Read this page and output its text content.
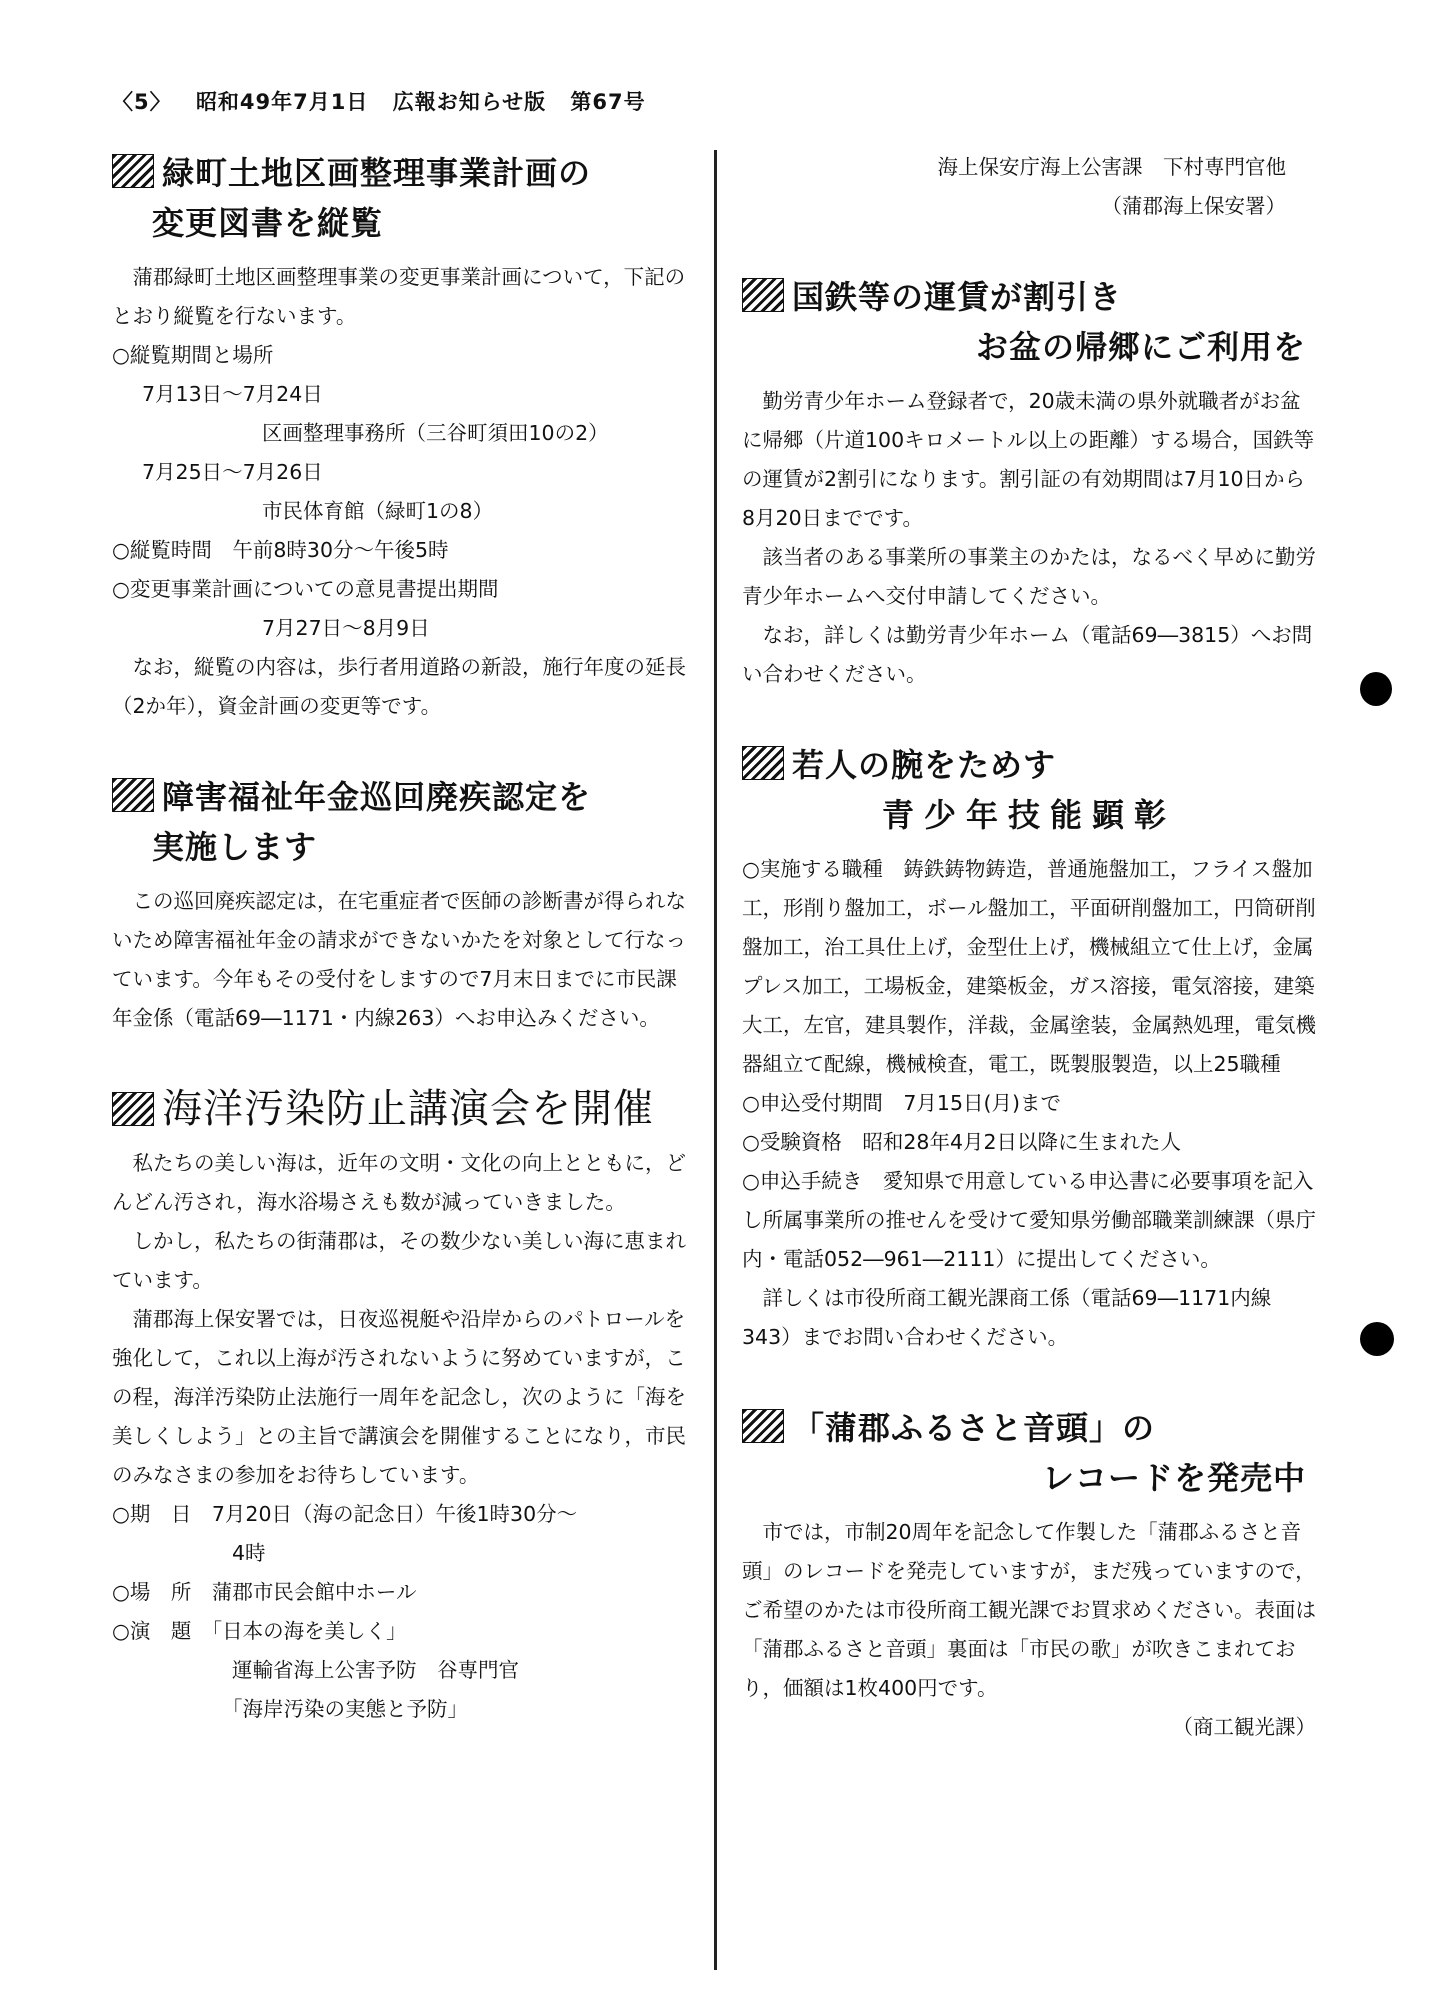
〈5〉 昭和49年7月1日 広報お知らせ版 第67号
緑町土地区画整理事業計画の
変更図書を縦覧

蒲郡緑町土地区画整理事業の変更事業計画について，下記のとおり縦覧を行ないます。

○縦覧期間と場所

7月13日～7月24日

区画整理事務所（三谷町須田10の2）

7月25日～7月26日

市民体育館（緑町1の8）

○縦覧時間　午前8時30分～午後5時

○変更事業計画についての意見書提出期間

7月27日～8月9日

なお，縦覧の内容は，歩行者用道路の新設，施行年度の延長（2か年），資金計画の変更等です。

障害福祉年金巡回廃疾認定を
実施します

この巡回廃疾認定は，在宅重症者で医師の診断書が得られないため障害福祉年金の請求ができないかたを対象として行なっています。今年もその受付をしますので7月末日までに市民課年金係（電話69―1171・内線263）へお申込みください。

海洋汚染防止講演会を開催

私たちの美しい海は，近年の文明・文化の向上とともに，どんどん汚され，海水浴場さえも数が減っていきました。

しかし，私たちの街蒲郡は，その数少ない美しい海に恵まれています。

蒲郡海上保安署では，日夜巡視艇や沿岸からのパトロールを強化して，これ以上海が汚されないように努めていますが，この程，海洋汚染防止法施行一周年を記念し，次のように「海を美しくしよう」との主旨で講演会を開催することになり，市民のみなさまの参加をお待ちしています。

○期　日　7月20日（海の記念日）午後1時30分～

4時

○場　所　蒲郡市民会館中ホール

○演　題　「日本の海を美しく」

運輸省海上公害予防　谷専門官

「海岸汚染の実態と予防」

海上保安庁海上公害課　下村専門官他

（蒲郡海上保安署）

国鉄等の運賃が割引き
お盆の帰郷にご利用を

勤労青少年ホーム登録者で，20歳未満の県外就職者がお盆に帰郷（片道100キロメートル以上の距離）する場合，国鉄等の運賃が2割引になります。割引証の有効期間は7月10日から8月20日までです。

該当者のある事業所の事業主のかたは，なるべく早めに勤労青少年ホームへ交付申請してください。

なお，詳しくは勤労青少年ホーム（電話69―3815）へお問い合わせください。

若人の腕をためす
青少年技能顕彰

○実施する職種　鋳鉄鋳物鋳造，普通施盤加工，フライス盤加工，形削り盤加工，ボール盤加工，平面研削盤加工，円筒研削盤加工，治工具仕上げ，金型仕上げ，機械組立て仕上げ，金属プレス加工，工場板金，建築板金，ガス溶接，電気溶接，建築大工，左官，建具製作，洋裁，金属塗装，金属熱処理，電気機器組立て配線，機械検査，電工，既製服製造，以上25職種

○申込受付期間　7月15日(月)まで

○受験資格　昭和28年4月2日以降に生まれた人

○申込手続き　愛知県で用意している申込書に必要事項を記入し所属事業所の推せんを受けて愛知県労働部職業訓練課（県庁内・電話052―961―2111）に提出してください。

詳しくは市役所商工観光課商工係（電話69―1171内線343）までお問い合わせください。

「蒲郡ふるさと音頭」の
レコードを発売中

市では，市制20周年を記念して作製した「蒲郡ふるさと音頭」のレコードを発売していますが，まだ残っていますので，ご希望のかたは市役所商工観光課でお買求めください。表面は「蒲郡ふるさと音頭」裏面は「市民の歌」が吹きこまれており，価額は1枚400円です。

（商工観光課）
